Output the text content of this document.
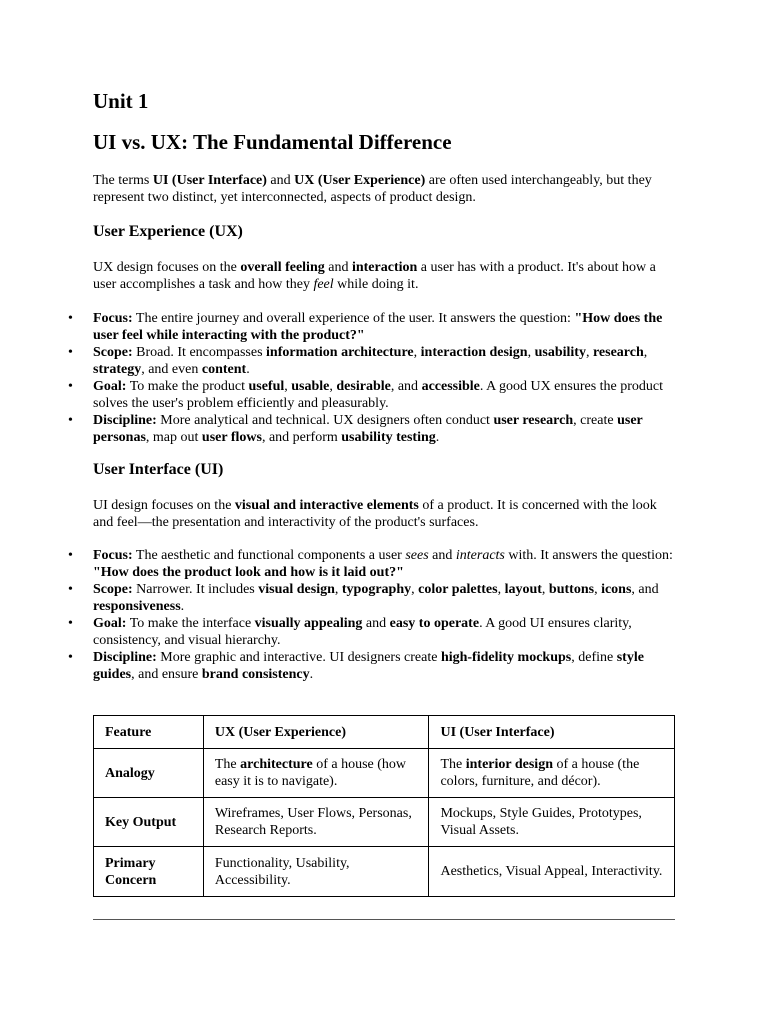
Unit 1
UI vs. UX: The Fundamental Difference

The terms UI (User Interface) and UX (User Experience) are often used interchangeably, but they represent two distinct, yet interconnected, aspects of product design.

User Experience (UX)

UX design focuses on the overall feeling and interaction a user has with a product. It's about how a user accomplishes a task and how they feel while doing it.

• Focus: The entire journey and overall experience of the user. It answers the question: "How does the user feel while interacting with the product?"
• Scope: Broad. It encompasses information architecture, interaction design, usability, research, strategy, and even content.
• Goal: To make the product useful, usable, desirable, and accessible. A good UX ensures the product solves the user's problem efficiently and pleasurably.
• Discipline: More analytical and technical. UX designers often conduct user research, create user personas, map out user flows, and perform usability testing.
User Interface (UI)

UI design focuses on the visual and interactive elements of a product. It is concerned with the look and feel—the presentation and interactivity of the product's surfaces.

• Focus: The aesthetic and functional components a user sees and interacts with. It answers the question: "How does the product look and how is it laid out?"
• Scope: Narrower. It includes visual design, typography, color palettes, layout, buttons, icons, and responsiveness.
• Goal: To make the interface visually appealing and easy to operate. A good UI ensures clarity, consistency, and visual hierarchy.
• Discipline: More graphic and interactive. UI designers create high-fidelity mockups, define style guides, and ensure brand consistency.
Feature	UX (User Experience)	UI (User Interface)
Analogy	The architecture of a house (how easy it is to navigate).	The interior design of a house (the colors, furniture, and décor).
Key Output	Wireframes, User Flows, Personas, Research Reports.	Mockups, Style Guides, Prototypes, Visual Assets.
Primary Concern	Functionality, Usability, Accessibility.	Aesthetics, Visual Appeal, Interactivity.
